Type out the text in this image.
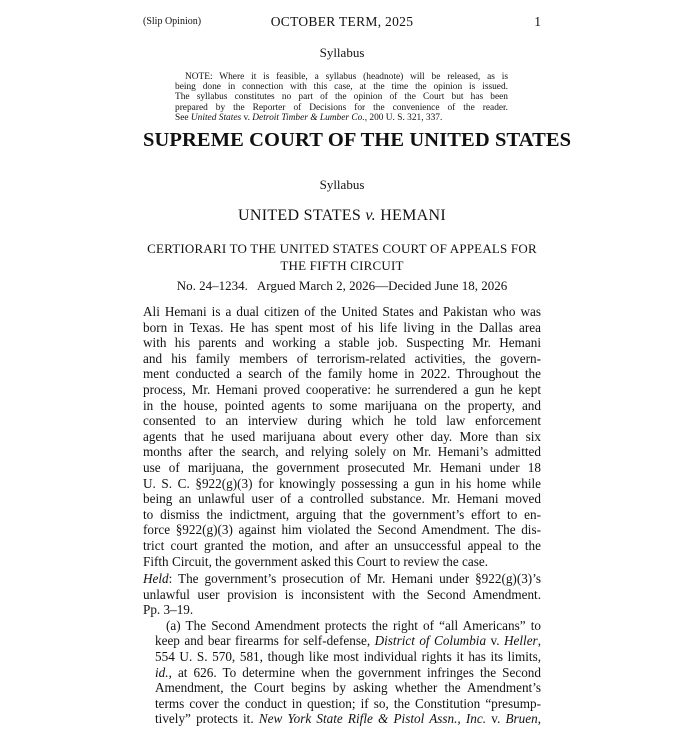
(Slip Opinion)	OCTOBER TERM, 2025	1
Syllabus
NOTE: Where it is feasible, a syllabus (headnote) will be released, as is
being done in connection with this case, at the time the opinion is issued.
The syllabus constitutes no part of the opinion of the Court but has been
prepared by the Reporter of Decisions for the convenience of the reader.
See United States v. Detroit Timber & Lumber Co., 200 U. S. 321, 337.
SUPREME COURT OF THE UNITED STATES
Syllabus
UNITED STATES v. HEMANI
CERTIORARI TO THE UNITED STATES COURT OF APPEALS FOR
THE FIFTH CIRCUIT
No. 24–1234.   Argued March 2, 2026—Decided June 18, 2026

Ali Hemani is a dual citizen of the United States and Pakistan who was
born in Texas. He has spent most of his life living in the Dallas area
with his parents and working a stable job. Suspecting Mr. Hemani
and his family members of terrorism-related activities, the govern-
ment conducted a search of the family home in 2022. Throughout the
process, Mr. Hemani proved cooperative: he surrendered a gun he kept
in the house, pointed agents to some marijuana on the property, and
consented to an interview during which he told law enforcement
agents that he used marijuana about every other day. More than six
months after the search, and relying solely on Mr. Hemani’s admitted
use of marijuana, the government prosecuted Mr. Hemani under 18
U. S. C. §922(g)(3) for knowingly possessing a gun in his home while
being an unlawful user of a controlled substance. Mr. Hemani moved
to dismiss the indictment, arguing that the government’s effort to en-
force §922(g)(3) against him violated the Second Amendment. The dis-
trict court granted the motion, and after an unsuccessful appeal to the
Fifth Circuit, the government asked this Court to review the case.

Held: The government’s prosecution of Mr. Hemani under §922(g)(3)’s
unlawful user provision is inconsistent with the Second Amendment.
Pp. 3–19.

(a) The Second Amendment protects the right of “all Americans” to
keep and bear firearms for self-defense, District of Columbia v. Heller,
554 U. S. 570, 581, though like most individual rights it has its limits,
id., at 626. To determine when the government infringes the Second
Amendment, the Court begins by asking whether the Amendment’s
terms cover the conduct in question; if so, the Constitution “presump-
tively” protects it. New York State Rifle & Pistol Assn., Inc. v. Bruen,
